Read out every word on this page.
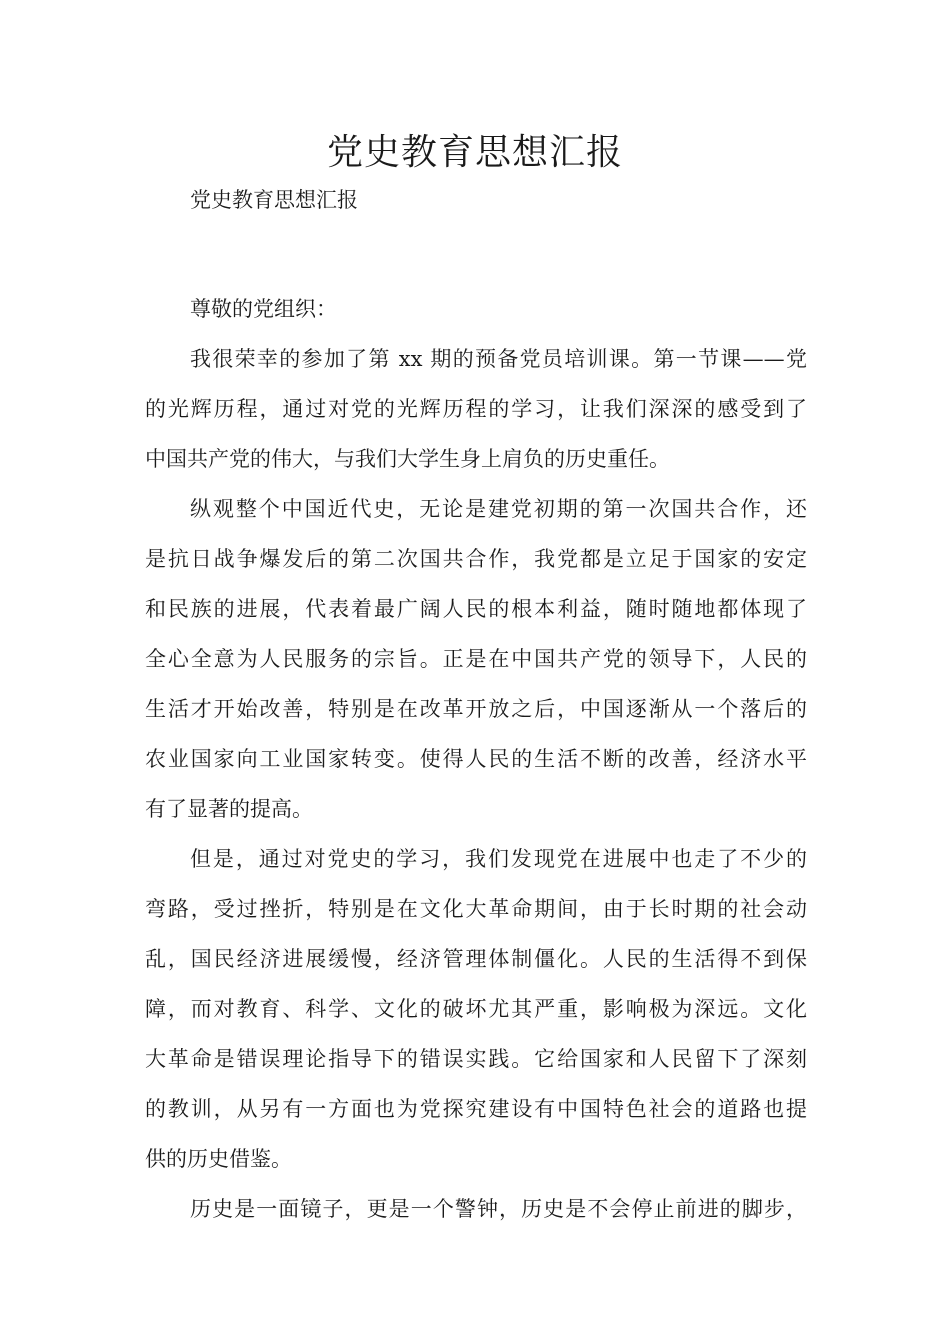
党史教育思想汇报

党史教育思想汇报

尊敬的党组织：

我很荣幸的参加了第 xx 期的预备党员培训课。第一节课——党
的光辉历程，通过对党的光辉历程的学习，让我们深深的感受到了
中国共产党的伟大，与我们大学生身上肩负的历史重任。

纵观整个中国近代史，无论是建党初期的第一次国共合作，还
是抗日战争爆发后的第二次国共合作，我党都是立足于国家的安定
和民族的进展，代表着最广阔人民的根本利益，随时随地都体现了
全心全意为人民服务的宗旨。正是在中国共产党的领导下，人民的
生活才开始改善，特别是在改革开放之后，中国逐渐从一个落后的
农业国家向工业国家转变。使得人民的生活不断的改善，经济水平
有了显著的提高。

但是，通过对党史的学习，我们发现党在进展中也走了不少的
弯路，受过挫折，特别是在文化大革命期间，由于长时期的社会动
乱，国民经济进展缓慢，经济管理体制僵化。人民的生活得不到保
障，而对教育、科学、文化的破坏尤其严重，影响极为深远。文化
大革命是错误理论指导下的错误实践。它给国家和人民留下了深刻
的教训，从另有一方面也为党探究建设有中国特色社会的道路也提
供的历史借鉴。

历史是一面镜子，更是一个警钟，历史是不会停止前进的脚步，
